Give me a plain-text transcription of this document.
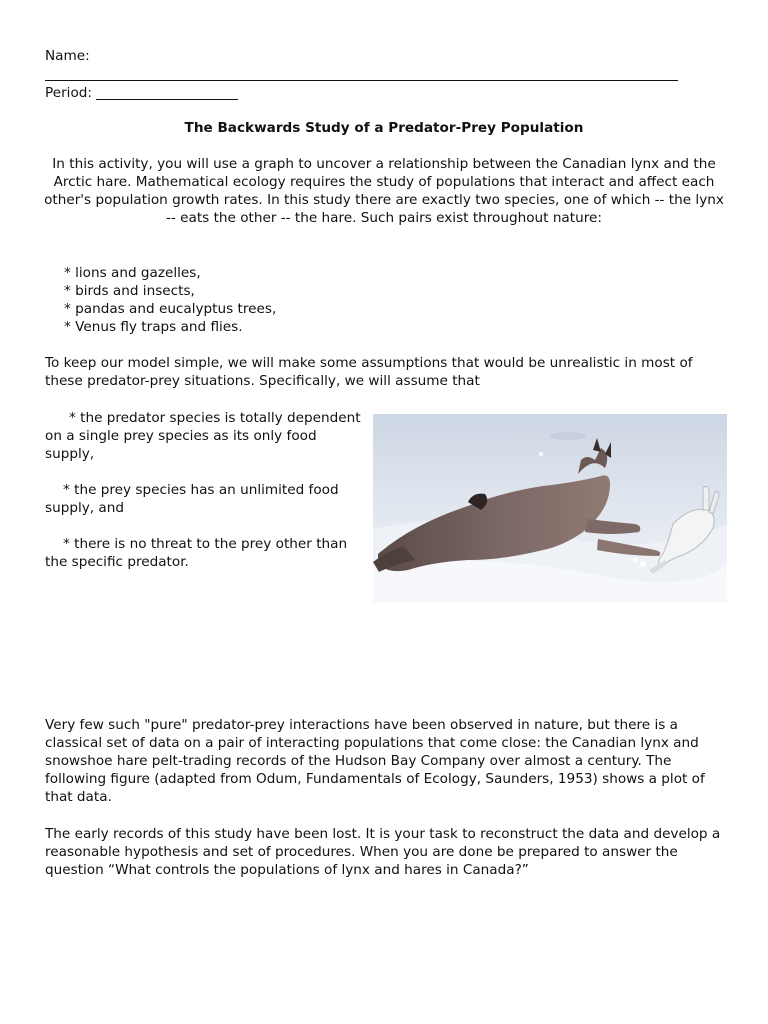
Name:
Period:
The Backwards Study of a Predator-Prey Population
In this activity, you will use a graph to uncover a relationship between the Canadian lynx and the Arctic hare. Mathematical ecology requires the study of populations that interact and affect each other's population growth rates. In this study there are exactly two species, one of which -- the lynx -- eats the other -- the hare. Such pairs exist throughout nature:
* lions and gazelles,
* birds and insects,
* pandas and eucalyptus trees,
* Venus fly traps and flies.
To keep our model simple, we will make some assumptions that would be unrealistic in most of these predator-prey situations. Specifically, we will assume that

* the predator species is totally dependent on a single prey species as its only food supply,

* the prey species has an unlimited food supply, and

* there is no threat to the prey other than the specific predator.

Very few such "pure" predator-prey interactions have been observed in nature, but there is a classical set of data on a pair of interacting populations that come close: the Canadian lynx and snowshoe hare pelt-trading records of the Hudson Bay Company over almost a century. The following figure (adapted from Odum, Fundamentals of Ecology, Saunders, 1953) shows a plot of that data.
The early records of this study have been lost. It is your task to reconstruct the data and develop a reasonable hypothesis and set of procedures. When you are done be prepared to answer the question “What controls the populations of lynx and hares in Canada?”
